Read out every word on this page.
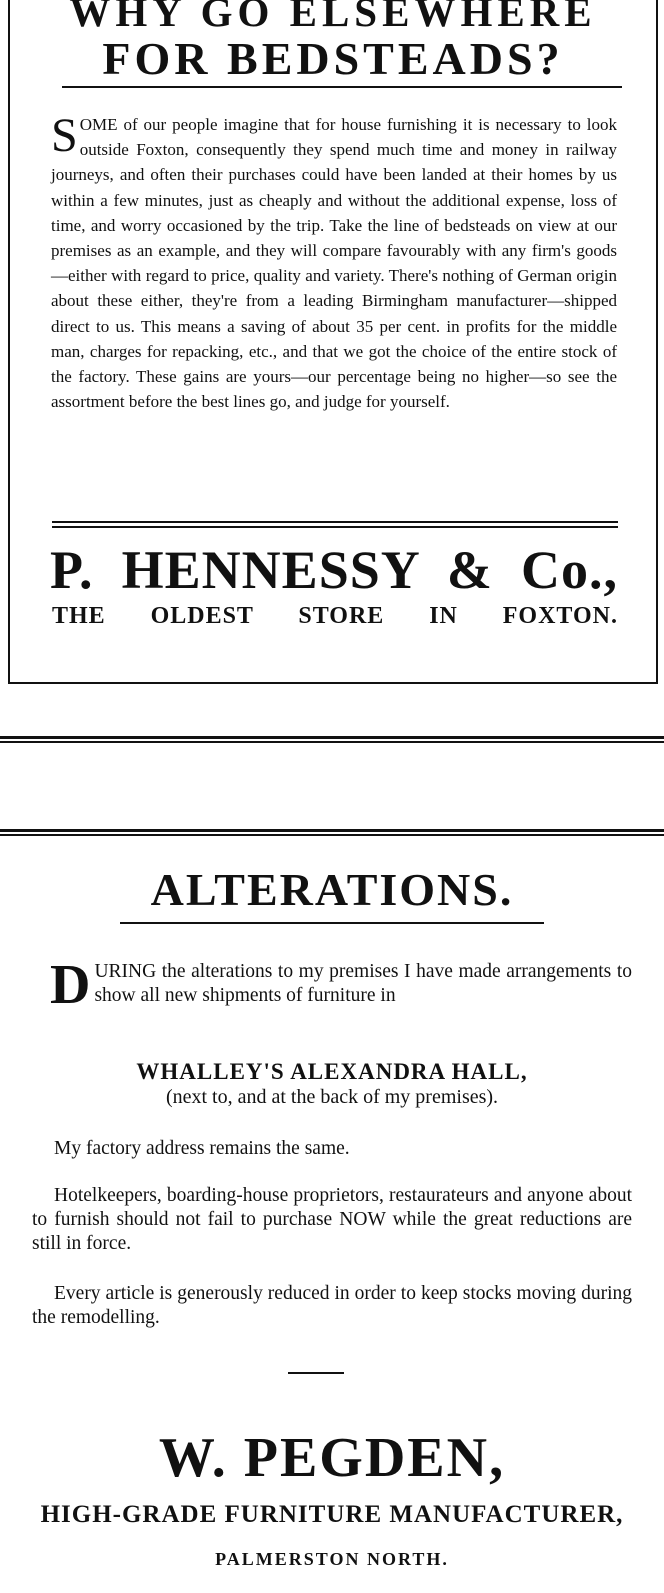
WHY GO ELSEWHERE
FOR BEDSTEADS?
SOME of our people imagine that for house furnishing it is necessary to look outside Foxton, consequently they spend much time and money in railway journeys, and often their purchases could have been landed at their homes by us within a few minutes, just as cheaply and without the additional expense, loss of time, and worry occasioned by the trip. Take the line of bedsteads on view at our premises as an example, and they will compare favourably with any firm's goods—either with regard to price, quality and variety. There's nothing of German origin about these either, they're from a leading Birmingham manufacturer—shipped direct to us. This means a saving of about 35 per cent. in profits for the middle man, charges for repacking, etc., and that we got the choice of the entire stock of the factory. These gains are yours—our percentage being no higher—so see the assortment before the best lines go, and judge for yourself.
P. HENNESSY & Co.,
THE OLDEST STORE IN FOXTON.
ALTERATIONS.
DURING the alterations to my premises I have made arrangements to show all new shipments of furniture in
WHALLEY'S ALEXANDRA HALL,
(next to, and at the back of my premises).

My factory address remains the same.

Hotelkeepers, boarding-house proprietors, restaurateurs and anyone about to furnish should not fail to purchase NOW while the great reductions are still in force.

Every article is generously reduced in order to keep stocks moving during the remodelling.

W. PEGDEN,
HIGH-GRADE FURNITURE MANUFACTURER,
PALMERSTON NORTH.
